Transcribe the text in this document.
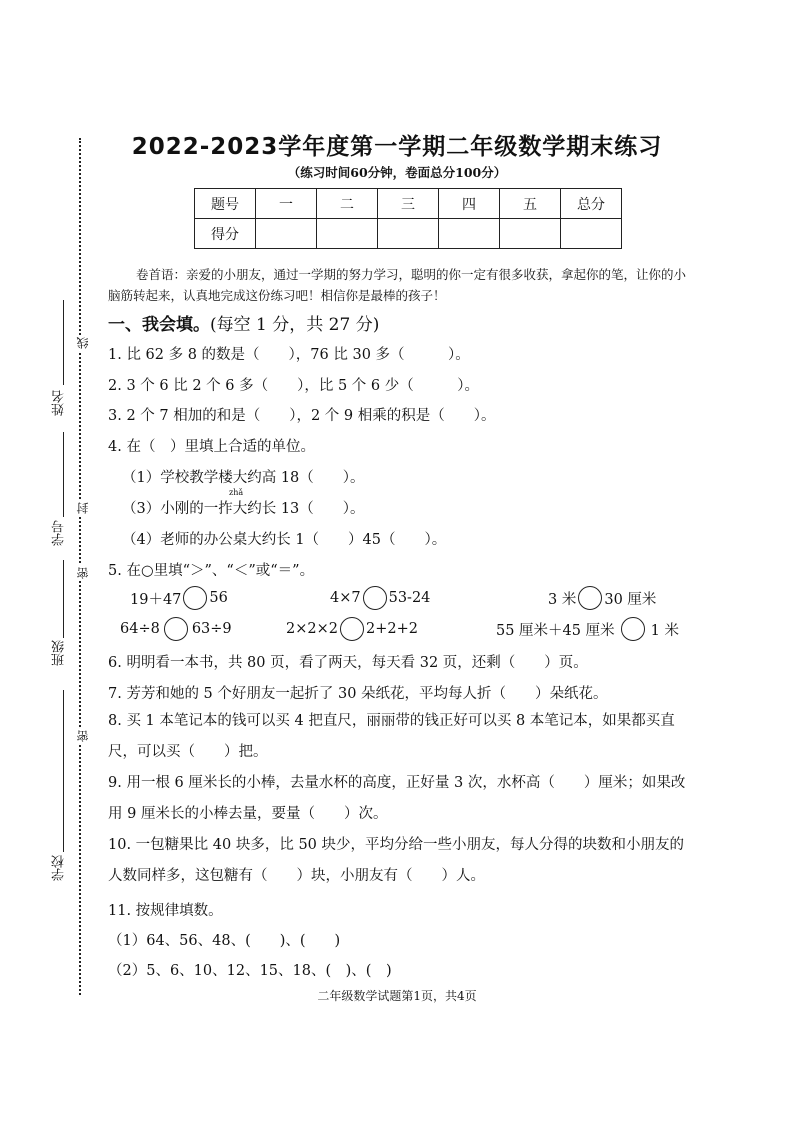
姓名
学号
班级
学校
线
封
密
密
2022-2023学年度第一学期二年级数学期末练习
（练习时间60分钟，卷面总分100分）
题号	一	二	三	四	五	总分
得分						
卷首语：亲爱的小朋友，通过一学期的努力学习，聪明的你一定有很多收获，拿起你的笔，让你的小脑筋转起来，认真地完成这份练习吧！相信你是最棒的孩子！
一、我会填。(每空 1 分，共 27 分)
1. 比 62 多 8 的数是（　　），76 比 30 多（　　　）。
2. 3 个 6 比 2 个 6 多（　　），比 5 个 6 少（　　　）。
3. 2 个 7 相加的和是（　　），2 个 9 相乘的积是（　　）。
4. 在（　）里填上合适的单位。
（1）学校教学楼大约高 18（　　）。
zhǎ
（3）小刚的一拃大约长 13（　　）。
（4）老师的办公桌大约长 1（　　）45（　　）。
5. 在○里填“＞”、“＜”或“＝”。
19＋47 56	4×7 53-24	3 米 30 厘米
64÷8 63÷9	2×2×2 2+2+2	55 厘米＋45 厘米 1 米
6. 明明看一本书，共 80 页，看了两天，每天看 32 页，还剩（　　）页。
7. 芳芳和她的 5 个好朋友一起折了 30 朵纸花，平均每人折（　　）朵纸花。
8. 买 1 本笔记本的钱可以买 4 把直尺，丽丽带的钱正好可以买 8 本笔记本，如果都买直尺，可以买（　　）把。
9. 用一根 6 厘米长的小棒，去量水杯的高度，正好量 3 次，水杯高（　　）厘米；如果改用 9 厘米长的小棒去量，要量（　　）次。
10. 一包糖果比 40 块多，比 50 块少，平均分给一些小朋友，每人分得的块数和小朋友的人数同样多，这包糖有（　　）块，小朋友有（　　）人。
11. 按规律填数。
（1）64、56、48、(　　)、(　　)
（2）5、6、10、12、15、18、(　)、(　)
二年级数学试题第1页，共4页
